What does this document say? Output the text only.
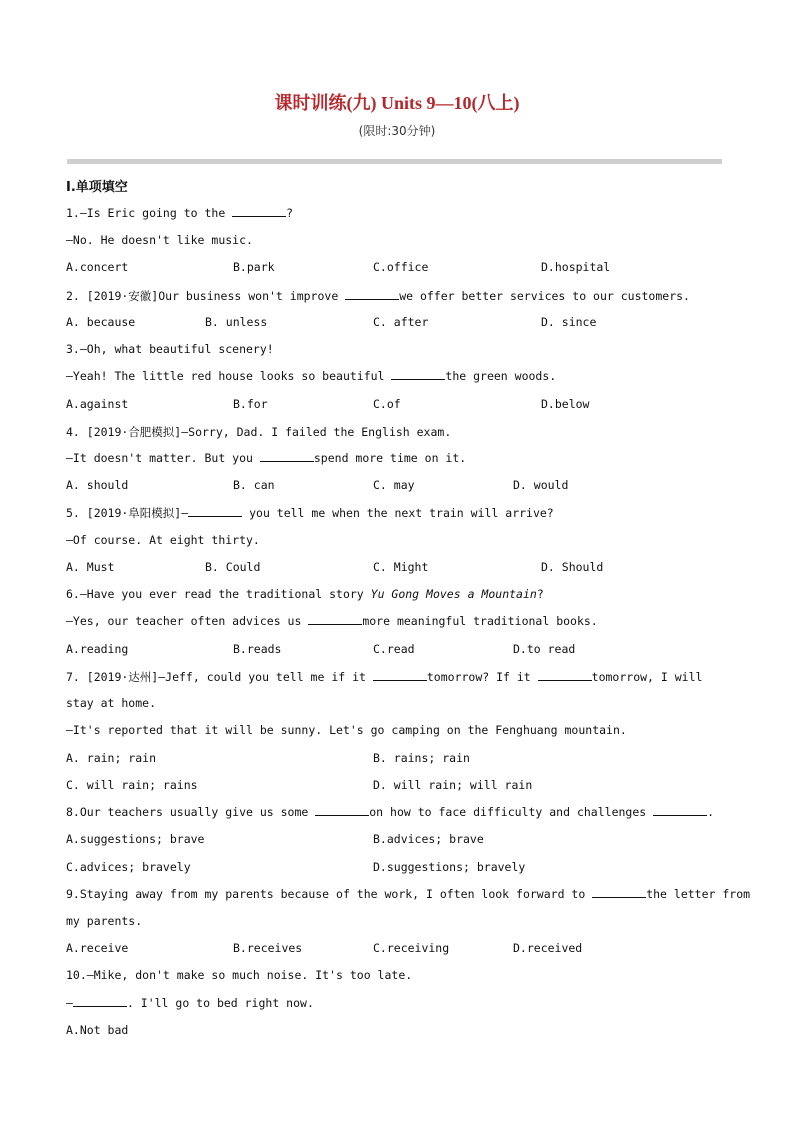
课时训练(九) Units 9—10(八上)
(限时:30分钟)
Ⅰ.单项填空
1.—Is Eric going to the	?
—No. He doesn't like music.
A.concert	B.park	C.office	D.hospital
2. [2019·安徽]Our business won't improve	we offer better services to our customers.
A. because	B. unless	C. after	D. since
3.—Oh, what beautiful scenery!
—Yeah! The little red house looks so beautiful	the green woods.
A.against	B.for	C.of	D.below
4. [2019·合肥模拟]—Sorry, Dad. I failed the English exam.
—It doesn't matter. But you	spend more time on it.
A. should	B. can	C. may	D. would
5. [2019·阜阳模拟]—	you tell me when the next train will arrive?
—Of course. At eight thirty.
A. Must	B. Could	C. Might	D. Should
6.—Have you ever read the traditional story Yu Gong Moves a Mountain?
—Yes, our teacher often advices us	more meaningful traditional books.
A.reading	B.reads	C.read	D.to read
7. [2019·达州]—Jeff, could you tell me if it	tomorrow? If it	tomorrow, I will
stay at home.
—It's reported that it will be sunny. Let's go camping on the Fenghuang mountain.
A. rain; rain	B. rains; rain
C. will rain; rains	D. will rain; will rain
8.Our teachers usually give us some	on how to face difficulty and challenges	.
A.suggestions; brave	B.advices; brave
C.advices; bravely	D.suggestions; bravely
9.Staying away from my parents because of the work, I often look forward to	the letter from
my parents.
A.receive	B.receives	C.receiving	D.received
10.—Mike, don't make so much noise. It's too late.
—	. I'll go to bed right now.
A.Not bad
